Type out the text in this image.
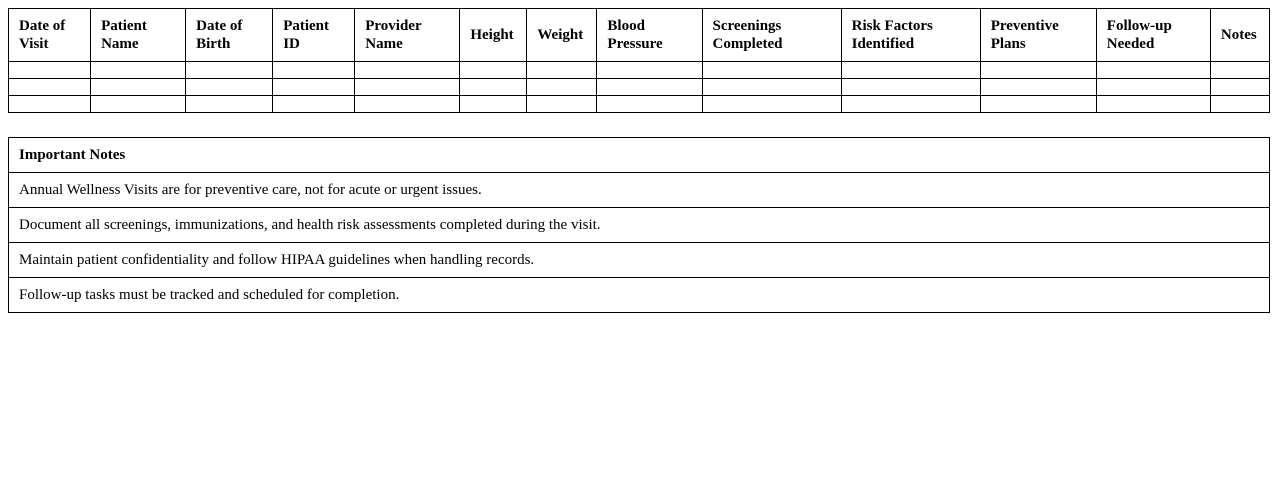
Date of Visit	Patient Name	Date of Birth	Patient ID	Provider Name	Height	Weight	Blood Pressure	Screenings Completed	Risk Factors Identified	Preventive Plans	Follow-up Needed	Notes

Important Notes
Annual Wellness Visits are for preventive care, not for acute or urgent issues.
Document all screenings, immunizations, and health risk assessments completed during the visit.
Maintain patient confidentiality and follow HIPAA guidelines when handling records.
Follow-up tasks must be tracked and scheduled for completion.
